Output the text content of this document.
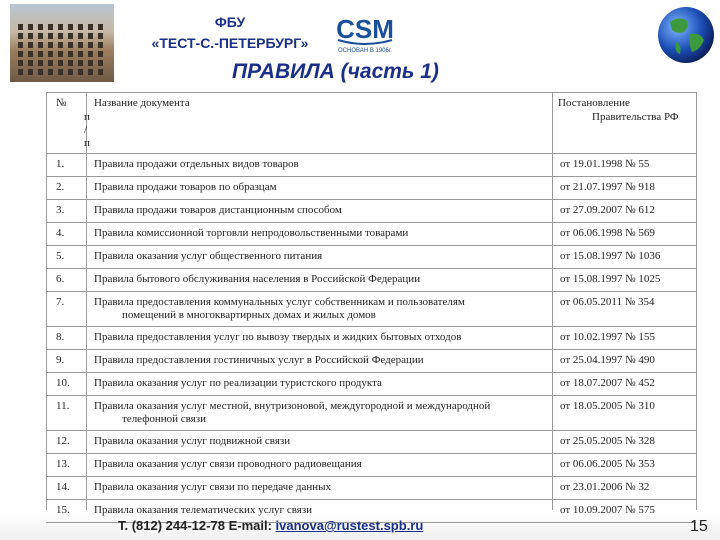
ФБУ
«ТЕСТ-С.-ПЕТЕРБУРГ»	CSM
ОСНОВАН В 1906г.
ПРАВИЛА (часть 1)
№
п
/
п
Название документа	Постановление
Правительства РФ
1.	Правила продажи отдельных видов товаров	от 19.01.1998 № 55
2.	Правила продажи товаров по образцам	от 21.07.1997 № 918
3.	Правила продажи товаров дистанционным способом	от 27.09.2007 № 612
4.	Правила комиссионной торговли непродовольственными товарами	от 06.06.1998 № 569
5.	Правила оказания услуг общественного питания	от 15.08.1997 № 1036
6.	Правила бытового обслуживания населения в Российской Федерации	от 15.08.1997 № 1025
7.	Правила предоставления коммунальных услуг собственникам и пользователям
помещений в многоквартирных домах и жилых домов
от 06.05.2011 № 354
8.	Правила предоставления услуг по вывозу твердых и жидких бытовых отходов	от 10.02.1997 № 155
9.	Правила предоставления гостиничных услуг в Российской Федерации	от 25.04.1997 № 490
10. Правила оказания услуг по реализации туристского продукта	от 18.07.2007 № 452
11. Правила оказания услуг местной, внутризоновой, междугородной и международной
телефонной связи
от 18.05.2005 № 310
12. Правила оказания услуг подвижной связи	от 25.05.2005 № 328
13. Правила оказания услуг связи проводного радиовещания	от 06.06.2005 № 353
14. Правила оказания услуг связи по передаче данных	от 23.01.2006 № 32
15. Правила оказания телематических услуг связи	от 10.09.2007 № 575
Т. (812) 244-12-78 E-mail: ivanova@rustest.spb.ru	15
